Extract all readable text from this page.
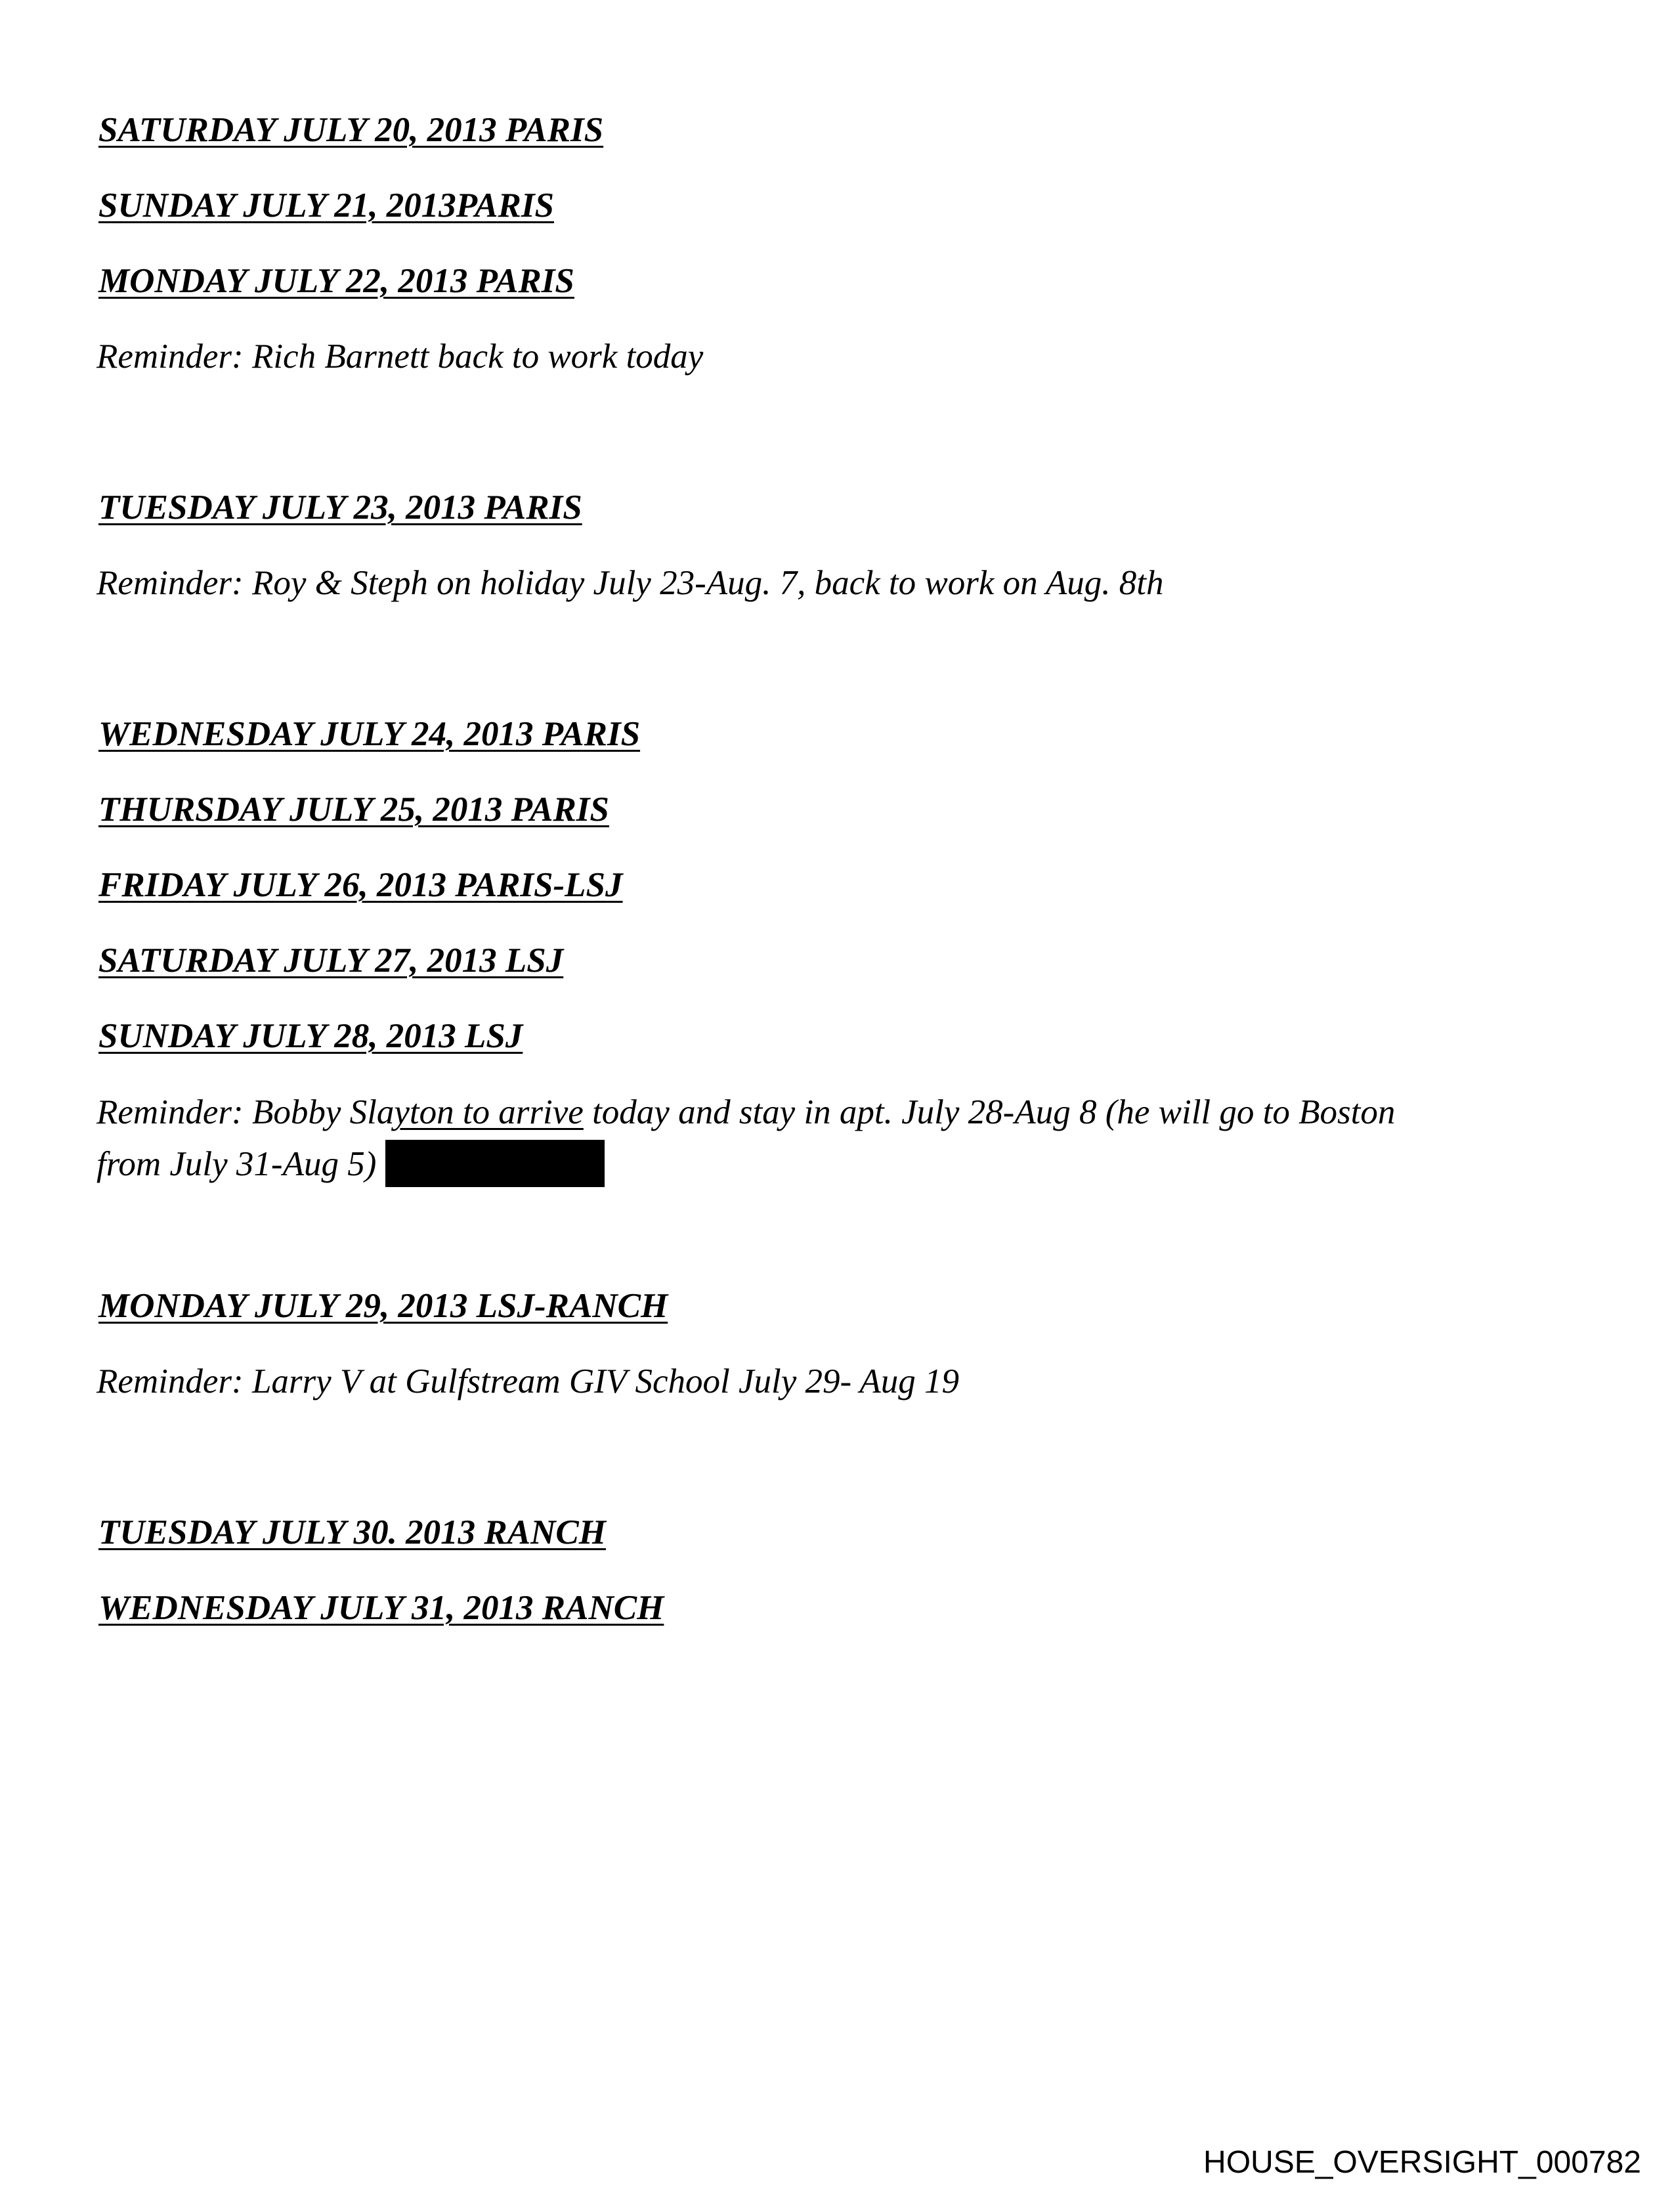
SATURDAY JULY 20, 2013 PARIS

SUNDAY JULY 21, 2013PARIS

MONDAY JULY 22, 2013 PARIS

Reminder: Rich Barnett back to work today

TUESDAY JULY 23, 2013 PARIS

Reminder: Roy & Steph on holiday July 23-Aug. 7, back to work on Aug. 8th

WEDNESDAY JULY 24, 2013 PARIS

THURSDAY JULY 25, 2013 PARIS

FRIDAY JULY 26, 2013 PARIS-LSJ

SATURDAY JULY 27, 2013 LSJ

SUNDAY JULY 28, 2013 LSJ

Reminder: Bobby Slayton to arrive today and stay in apt. July 28-Aug 8 (he will go to Boston

from July 31-Aug 5)

MONDAY JULY 29, 2013 LSJ-RANCH

Reminder: Larry V at Gulfstream GIV School July 29- Aug 19

TUESDAY JULY 30. 2013 RANCH

WEDNESDAY JULY 31, 2013 RANCH

HOUSE_OVERSIGHT_000782
